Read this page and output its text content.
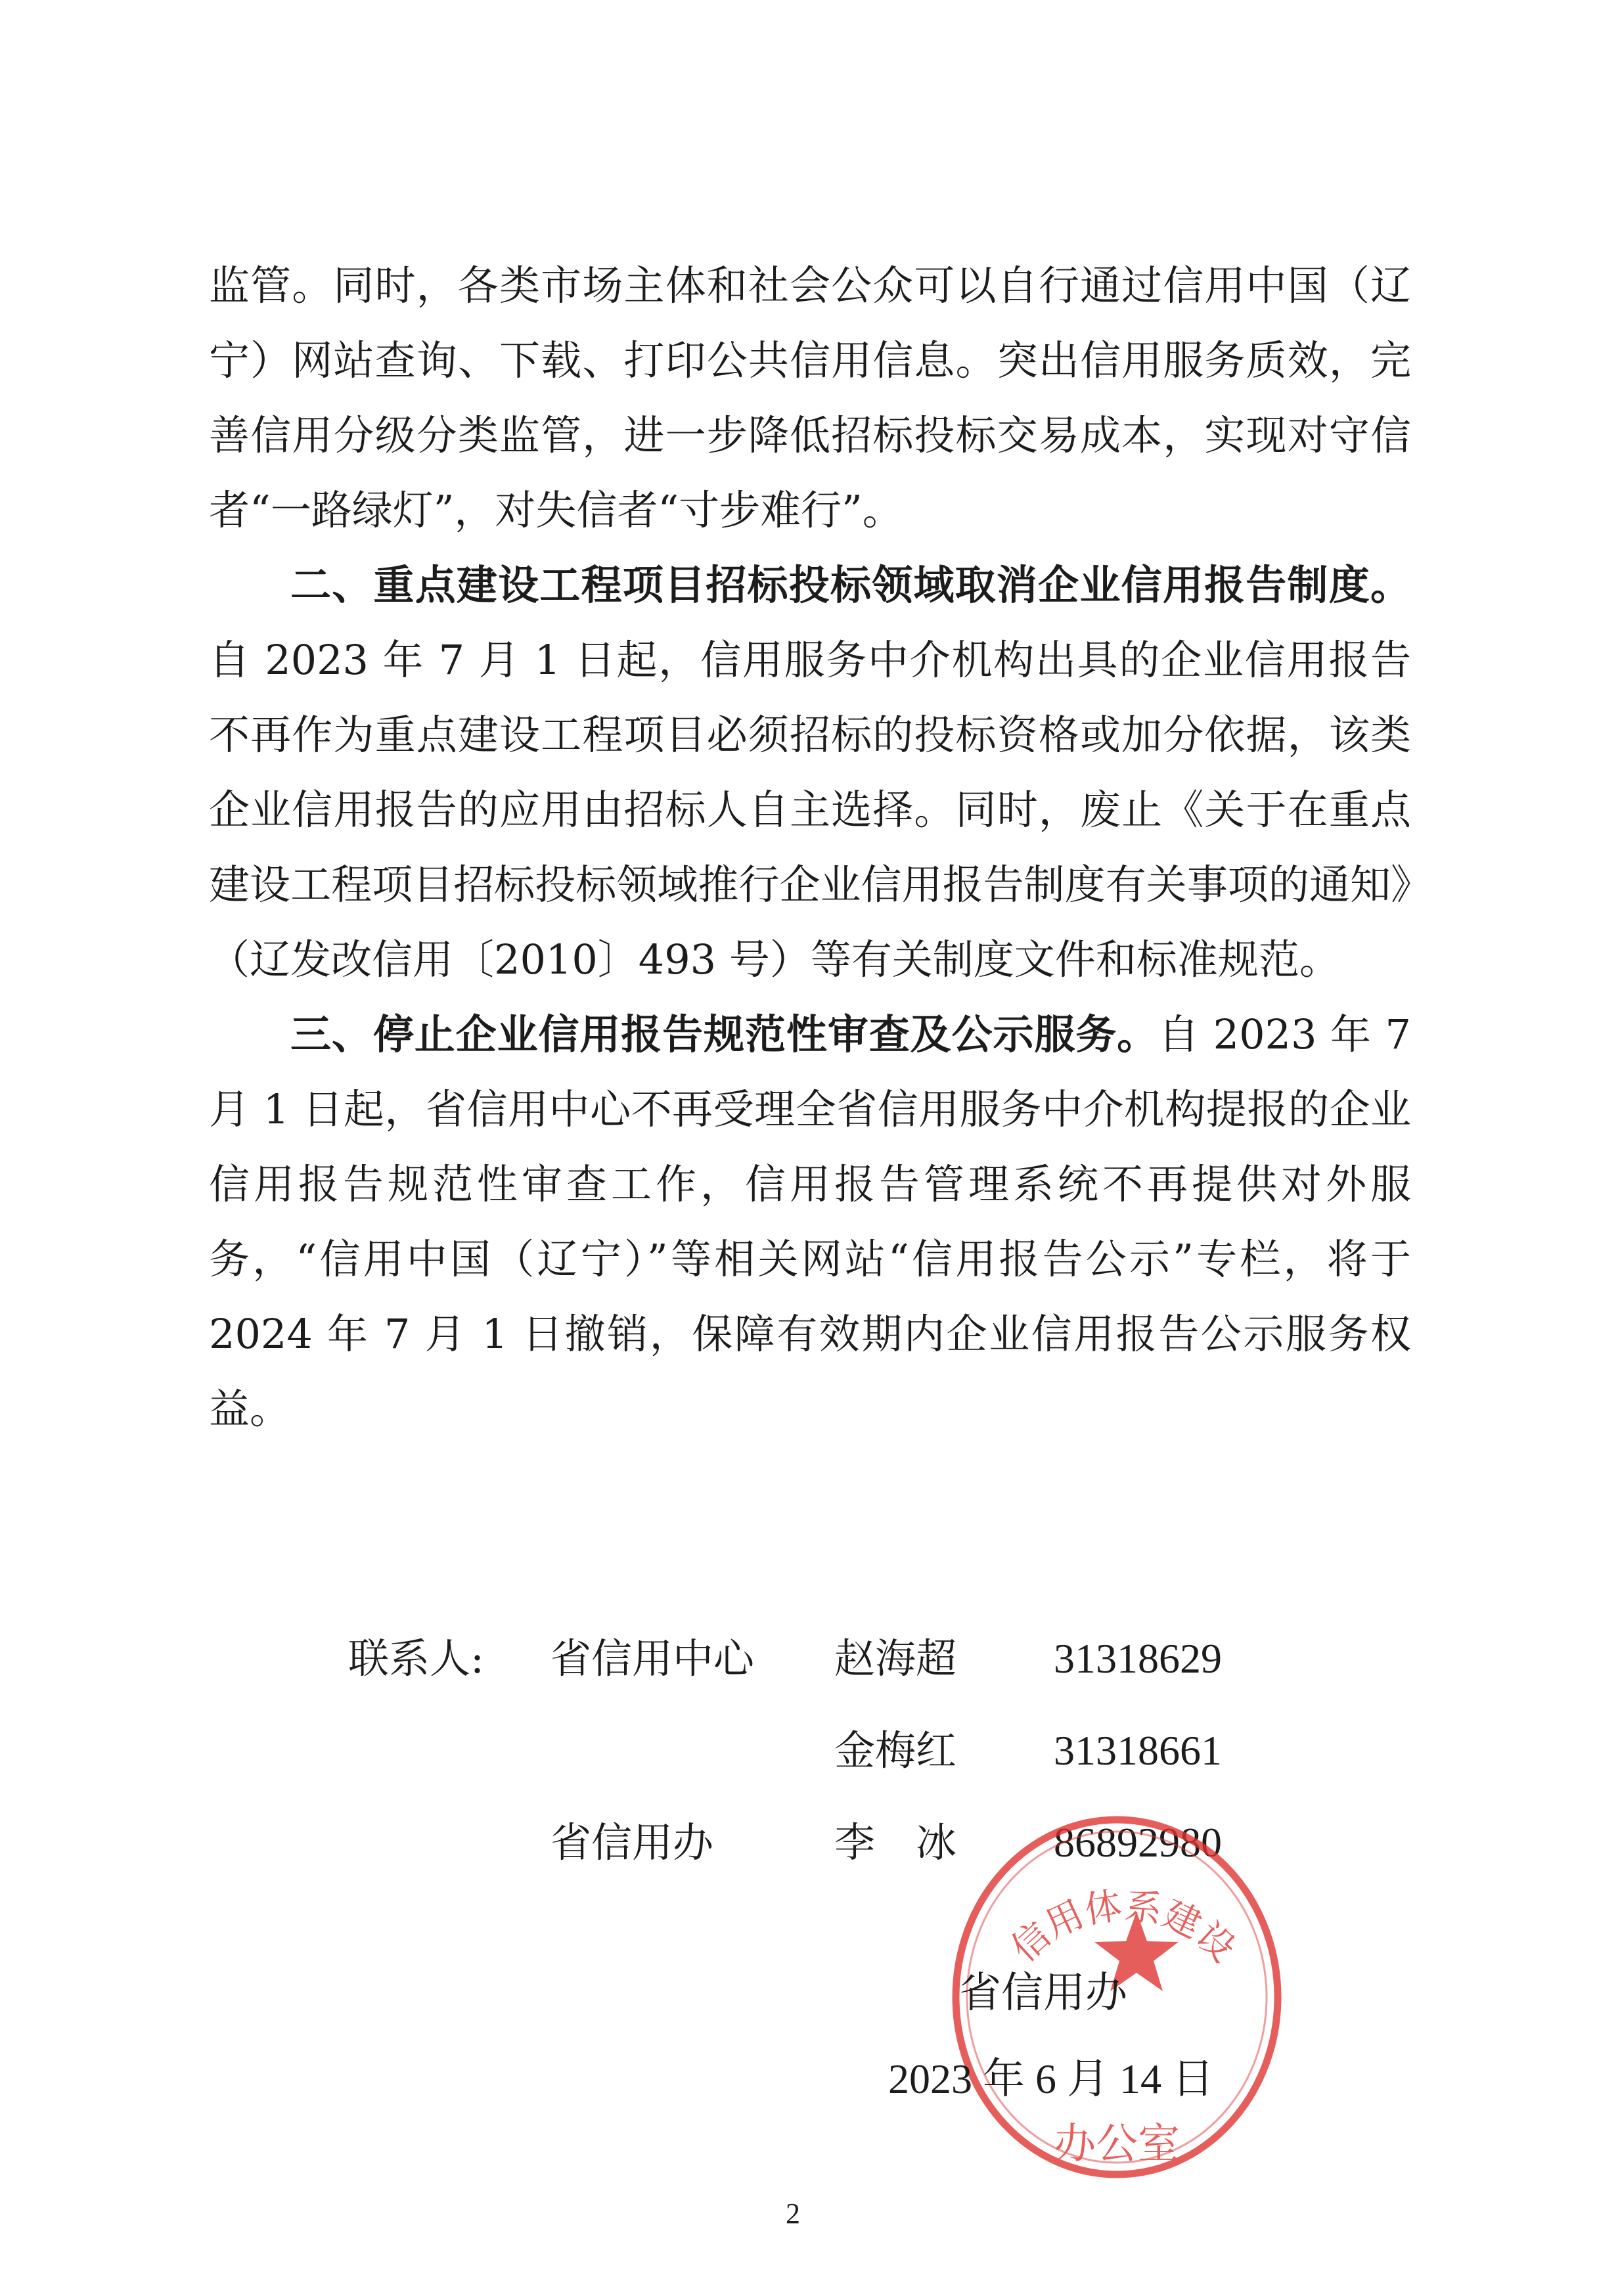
监管。同时，各类市场主体和社会公众可以自行通过信用中国（辽宁）网站查询、下载、打印公共信用信息。突出信用服务质效，完善信用分级分类监管，进一步降低招标投标交易成本，实现对守信者“一路绿灯”，对失信者“寸步难行”。

二、重点建设工程项目招标投标领域取消企业信用报告制度。自 2023 年 7 月 1 日起，信用服务中介机构出具的企业信用报告不再作为重点建设工程项目必须招标的投标资格或加分依据，该类企业信用报告的应用由招标人自主选择。同时，废止《关于在重点建设工程项目招标投标领域推行企业信用报告制度有关事项的通知》（辽发改信用〔2010〕493 号）等有关制度文件和标准规范。

三、停止企业信用报告规范性审查及公示服务。自 2023 年 7 月 1 日起，省信用中心不再受理全省信用服务中介机构提报的企业信用报告规范性审查工作，信用报告管理系统不再提供对外服务，“信用中国（辽宁）”等相关网站“信用报告公示”专栏，将于 2024 年 7 月 1 日撤销，保障有效期内企业信用报告公示服务权益。

联系人: 省信用中心 赵海超 31318629
金梅红 31318661
省信用办	李　冰 86892980
信用体系建设
办公室
省信用办
2023 年 6 月 14 日
2
